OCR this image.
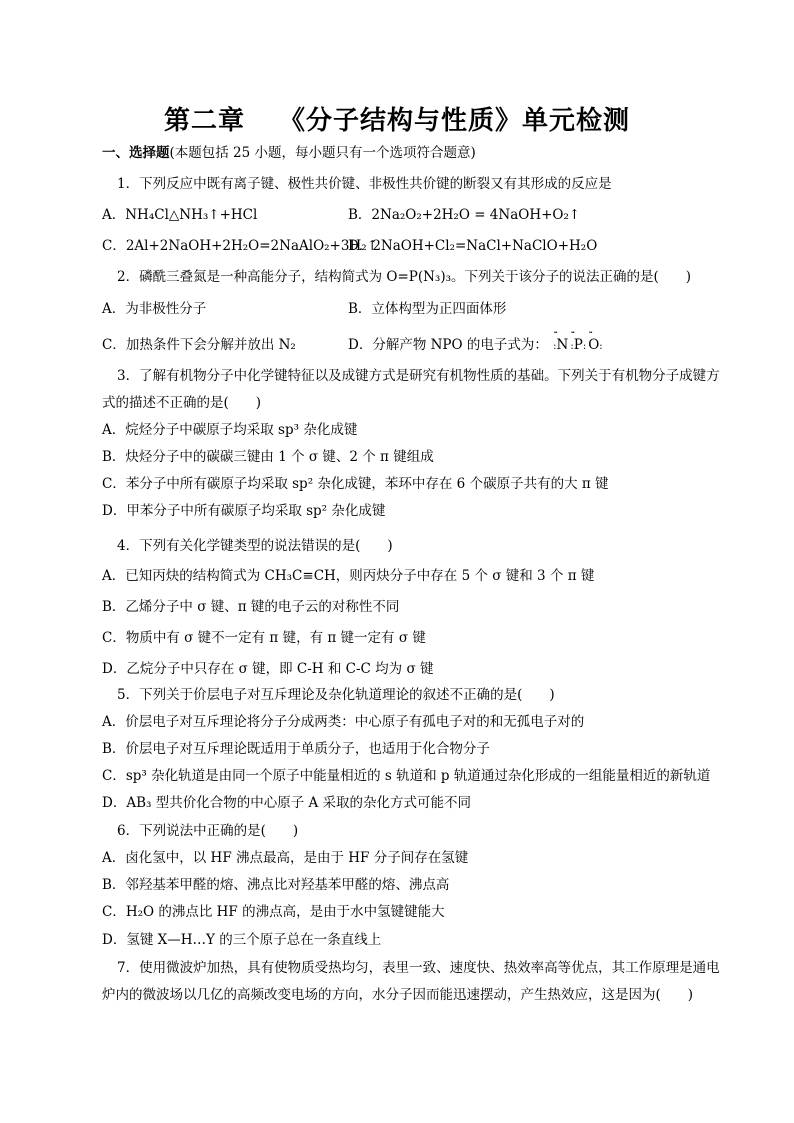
第二章 《分子结构与性质》单元检测
一、选择题(本题包括 25 小题，每小题只有一个选项符合题意)
1．下列反应中既有离子键、极性共价键、非极性共价键的断裂又有其形成的反应是
A．NH₄Cl△NH₃↑+HCl	B．2Na₂O₂+2H₂O = 4NaOH+O₂↑
C．2Al+2NaOH+2H₂O=2NaAlO₂+3H₂↑
D．2NaOH+Cl₂=NaCl+NaClO+H₂O
2．磷酰三叠氮是一种高能分子，结构简式为 O=P(N₃)₃。下列关于该分子的说法正确的是(　　)
A．为非极性分子	B．立体构型为正四面体形
C．加热条件下会分解并放出 N₂	D．分解产物 NPO 的电子式为： ·· :N ·· :P: ·· O:
3．了解有机物分子中化学键特征以及成键方式是研究有机物性质的基础。下列关于有机物分子成键方
式的描述不正确的是(　　)
A．烷烃分子中碳原子均采取 sp³ 杂化成键
B．炔烃分子中的碳碳三键由 1 个 σ 键、2 个 π 键组成
C．苯分子中所有碳原子均采取 sp² 杂化成键，苯环中存在 6 个碳原子共有的大 π 键
D．甲苯分子中所有碳原子均采取 sp² 杂化成键
4．下列有关化学键类型的说法错误的是(　　)
A．已知丙炔的结构简式为 CH₃C≡CH，则丙炔分子中存在 5 个 σ 键和 3 个 π 键
B．乙烯分子中 σ 键、π 键的电子云的对称性不同
C．物质中有 σ 键不一定有 π 键，有 π 键一定有 σ 键
D．乙烷分子中只存在 σ 键，即 C-H 和 C-C 均为 σ 键
5．下列关于价层电子对互斥理论及杂化轨道理论的叙述不正确的是(　　)
A．价层电子对互斥理论将分子分成两类：中心原子有孤电子对的和无孤电子对的
B．价层电子对互斥理论既适用于单质分子，也适用于化合物分子
C．sp³ 杂化轨道是由同一个原子中能量相近的 s 轨道和 p 轨道通过杂化形成的一组能量相近的新轨道
D．AB₃ 型共价化合物的中心原子 A 采取的杂化方式可能不同
6．下列说法中正确的是(　　)
A．卤化氢中，以 HF 沸点最高，是由于 HF 分子间存在氢键
B．邻羟基苯甲醛的熔、沸点比对羟基苯甲醛的熔、沸点高
C．H₂O 的沸点比 HF 的沸点高，是由于水中氢键键能大
D．氢键 X—H…Y 的三个原子总在一条直线上
7．使用微波炉加热，具有使物质受热均匀，表里一致、速度快、热效率高等优点，其工作原理是通电
炉内的微波场以几亿的高频改变电场的方向，水分子因而能迅速摆动，产生热效应，这是因为(　　)
